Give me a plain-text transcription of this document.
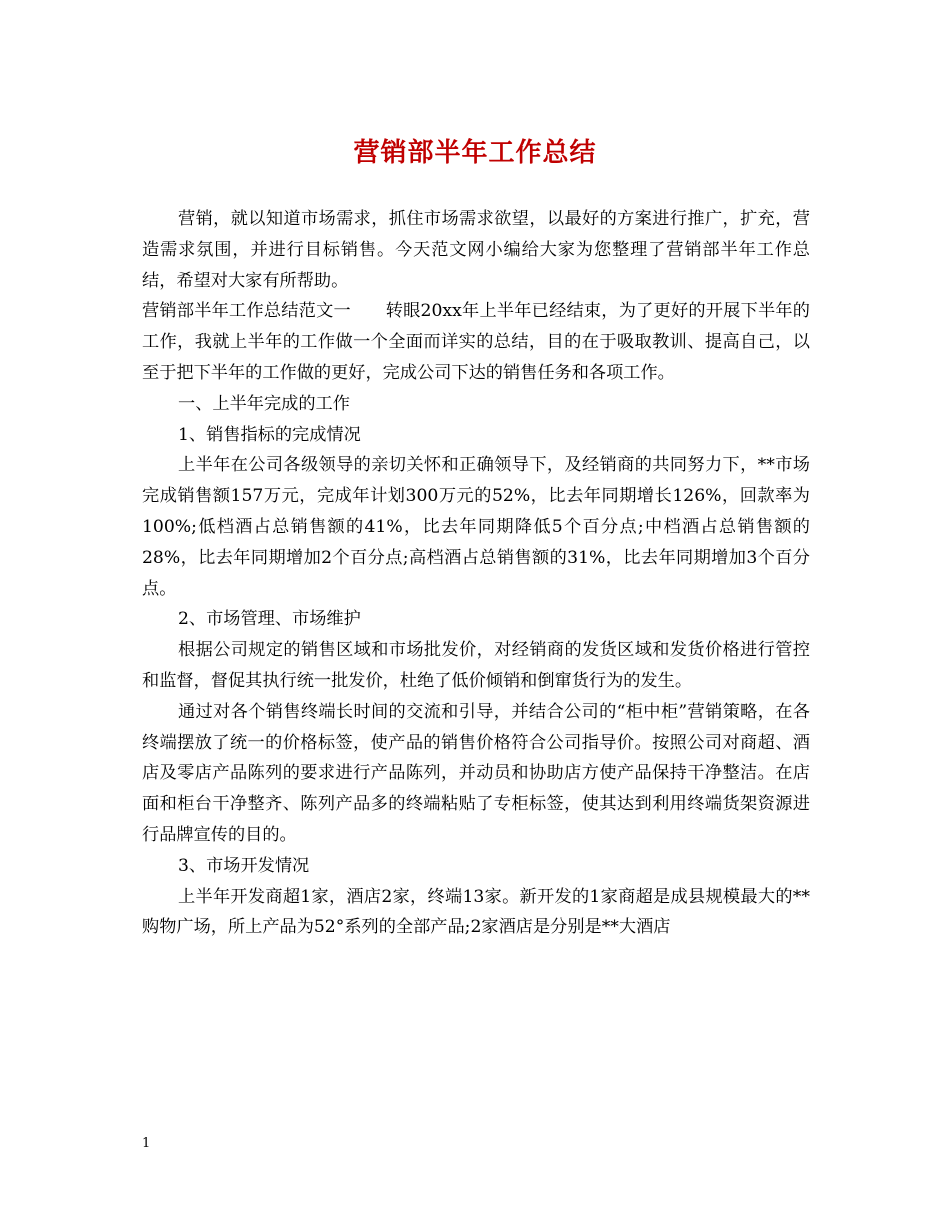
营销部半年工作总结

营销，就以知道市场需求，抓住市场需求欲望，以最好的方案进行推广，扩充，营造需求氛围，并进行目标销售。今天范文网小编给大家为您整理了营销部半年工作总结，希望对大家有所帮助。

营销部半年工作总结范文一　　转眼20xx年上半年已经结束，为了更好的开展下半年的工作，我就上半年的工作做一个全面而详实的总结，目的在于吸取教训、提高自己，以至于把下半年的工作做的更好，完成公司下达的销售任务和各项工作。

一、上半年完成的工作

1、销售指标的完成情况

上半年在公司各级领导的亲切关怀和正确领导下，及经销商的共同努力下，**市场完成销售额157万元，完成年计划300万元的52%，比去年同期增长126%，回款率为100%;低档酒占总销售额的41%，比去年同期降低5个百分点;中档酒占总销售额的28%，比去年同期增加2个百分点;高档酒占总销售额的31%，比去年同期增加3个百分点。

2、市场管理、市场维护

根据公司规定的销售区域和市场批发价，对经销商的发货区域和发货价格进行管控和监督，督促其执行统一批发价，杜绝了低价倾销和倒窜货行为的发生。

通过对各个销售终端长时间的交流和引导，并结合公司的“柜中柜”营销策略，在各终端摆放了统一的价格标签，使产品的销售价格符合公司指导价。按照公司对商超、酒店及零店产品陈列的要求进行产品陈列，并动员和协助店方使产品保持干净整洁。在店面和柜台干净整齐、陈列产品多的终端粘贴了专柜标签，使其达到利用终端货架资源进行品牌宣传的目的。

3、市场开发情况

上半年开发商超1家，酒店2家，终端13家。新开发的1家商超是成县规模最大的**购物广场，所上产品为52°系列的全部产品;2家酒店是分别是**大酒店

1
